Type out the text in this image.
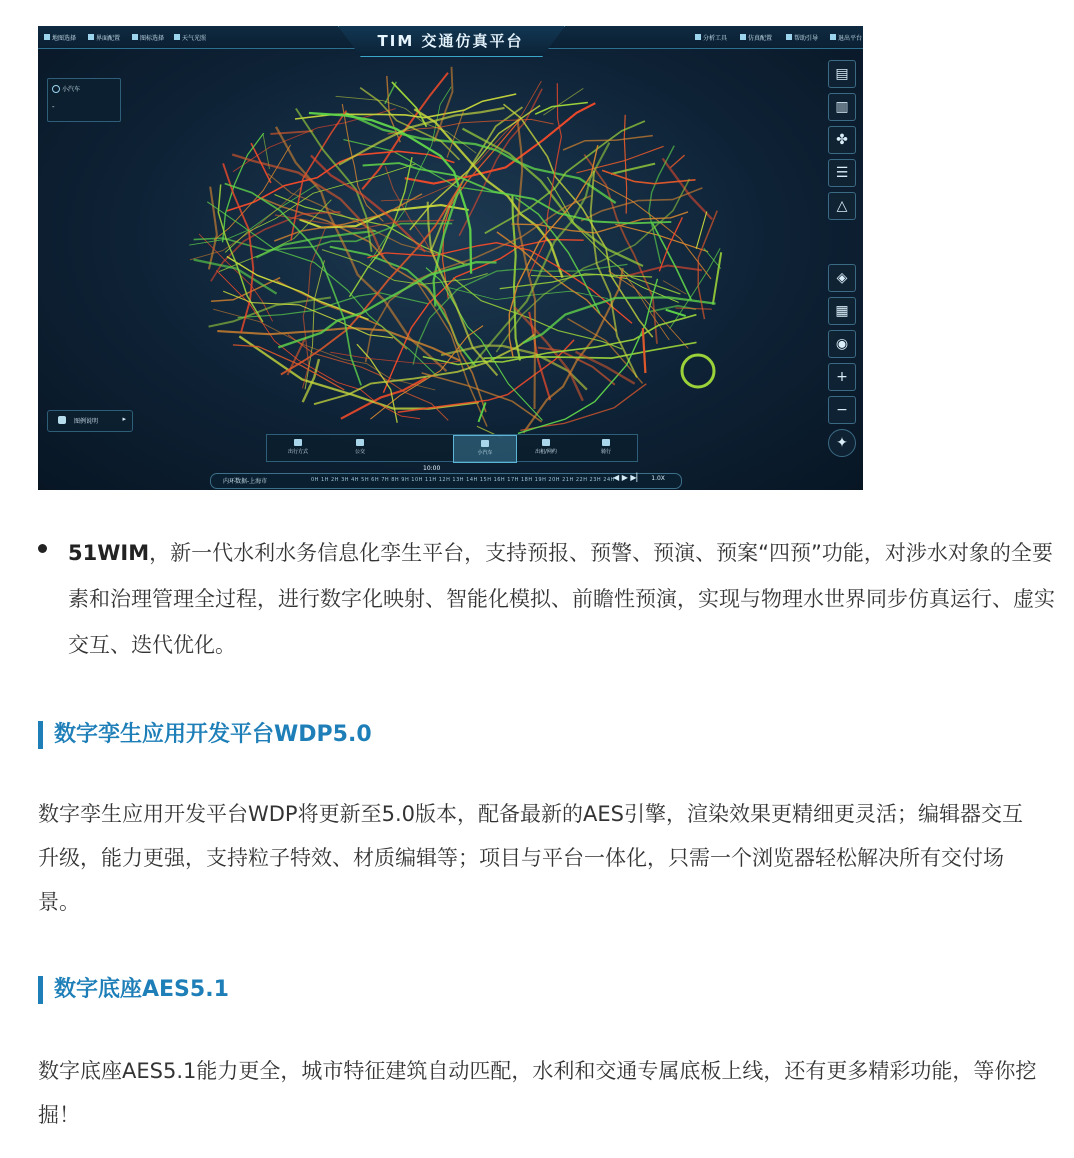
TIM 交通仿真平台
地图选择	界面配置	图标选择	天气光照	分析工具	仿真配置	帮助引导	退出平台
小汽车
-
▤
▥
✤
☰
△
◈
▦
◉
+
−
✦
图例说明	▸
出行方式	公交	小汽车	出租/网约	骑行
内环数据-上海市	0H 1H 2H 3H 4H 5H 6H 7H 8H 9H 10H 11H 12H 13H 14H 15H 16H 17H 18H 19H 20H 21H 22H 23H 24H
10:00
◀ ▶ ▶▏ 1.0X
51WIM，新一代水利水务信息化孪生平台，支持预报、预警、预演、预案“四预”功能，对涉水对象的全要素和治理管理全过程，进行数字化映射、智能化模拟、前瞻性预演，实现与物理水世界同步仿真运行、虚实交互、迭代优化。
数字孪生应用开发平台WDP5.0
数字孪生应用开发平台WDP将更新至5.0版本，配备最新的AES引擎，渲染效果更精细更灵活；编辑器交互升级，能力更强，支持粒子特效、材质编辑等；项目与平台一体化，只需一个浏览器轻松解决所有交付场景。
数字底座AES5.1
数字底座AES5.1能力更全，城市特征建筑自动匹配，水利和交通专属底板上线，还有更多精彩功能，等你挖掘！
